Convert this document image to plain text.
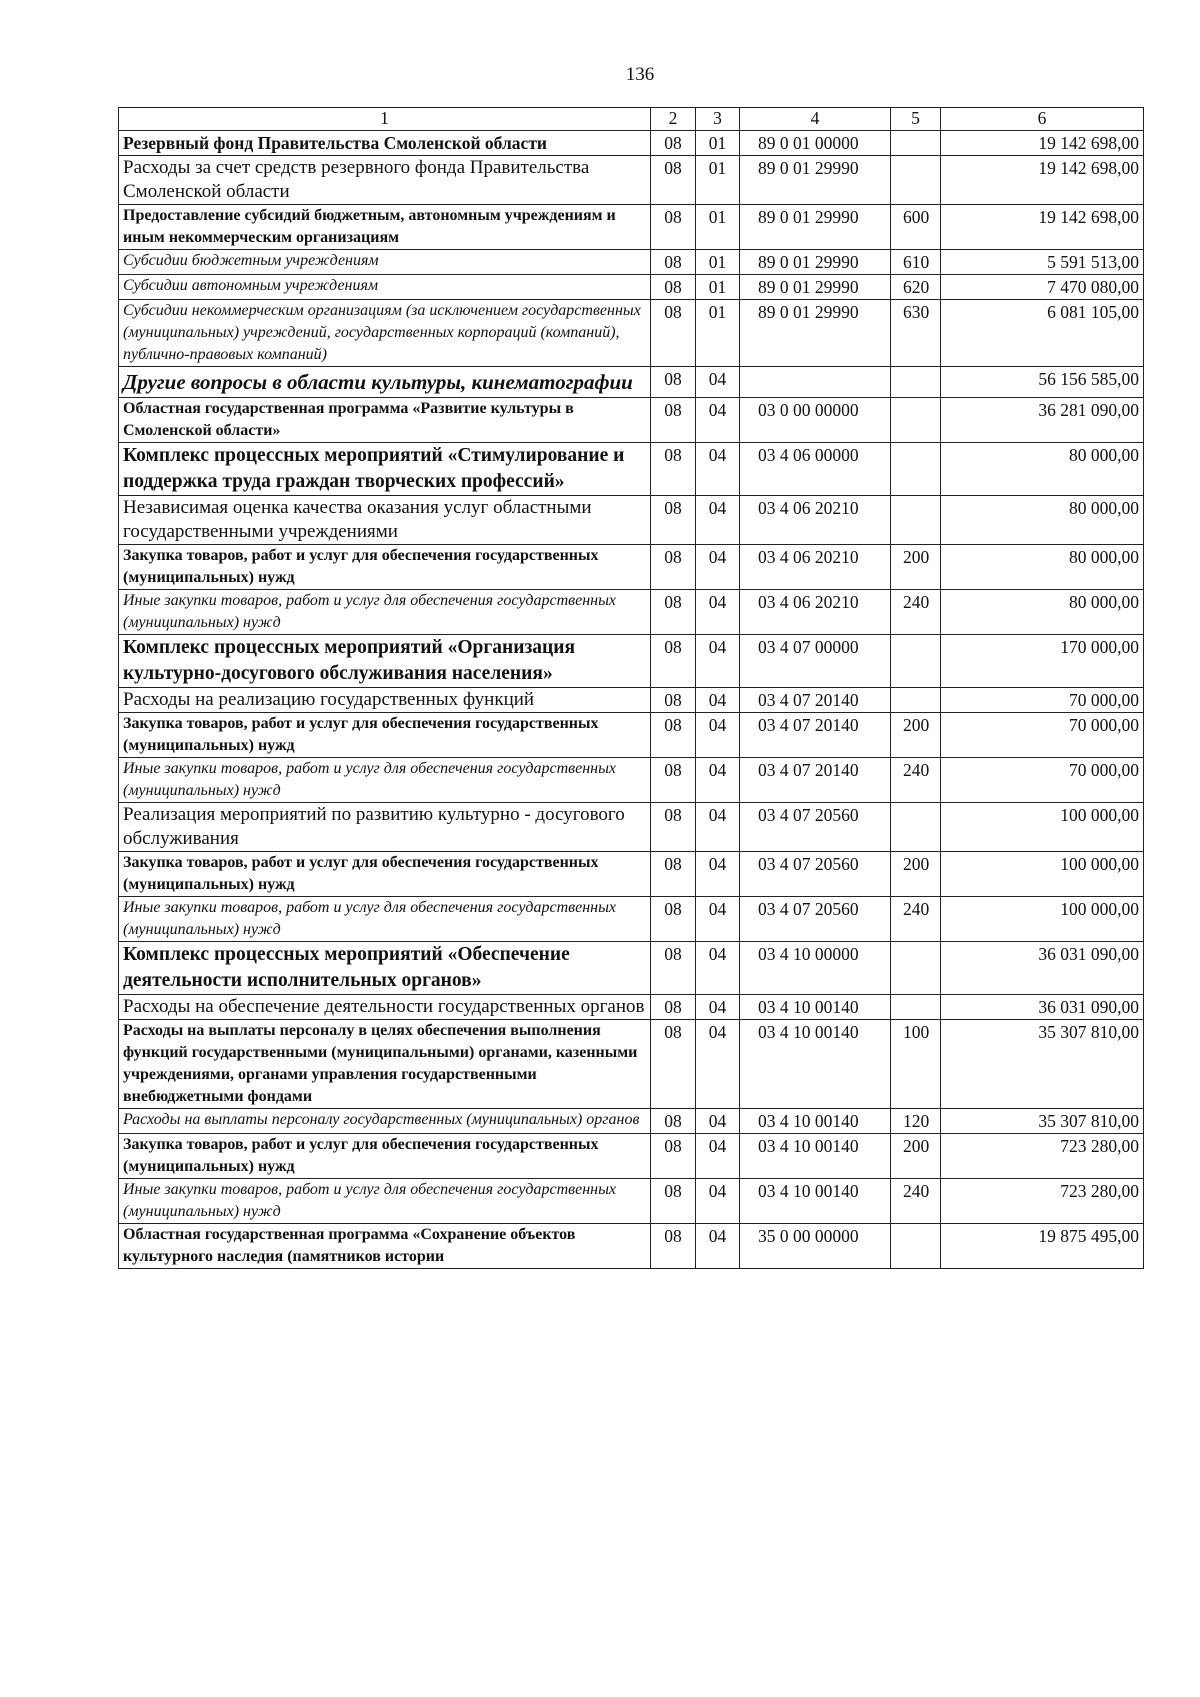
136
1	2	3	4	5	6
Резервный фонд Правительства Смоленской области	08	01	89 0 01 00000		19 142 698,00
Расходы за счет средств резервного фонда Правительства Смоленской области	08	01	89 0 01 29990		19 142 698,00
Предоставление субсидий бюджетным, автономным учреждениям и иным некоммерческим организациям	08	01	89 0 01 29990	600	19 142 698,00
Субсидии бюджетным учреждениям	08	01	89 0 01 29990	610	5 591 513,00
Субсидии автономным учреждениям	08	01	89 0 01 29990	620	7 470 080,00
Субсидии некоммерческим организациям (за исключением государственных (муниципальных) учреждений, государственных корпораций (компаний), публично-правовых компаний)	08	01	89 0 01 29990	630	6 081 105,00
Другие вопросы в области культуры, кинематографии	08	04			56 156 585,00
Областная государственная программа «Развитие культуры в Смоленской области»	08	04	03 0 00 00000		36 281 090,00
Комплекс процессных мероприятий «Стимулирование и поддержка труда граждан творческих профессий»	08	04	03 4 06 00000		80 000,00
Независимая оценка качества оказания услуг областными государственными учреждениями	08	04	03 4 06 20210		80 000,00
Закупка товаров, работ и услуг для обеспечения государственных (муниципальных) нужд	08	04	03 4 06 20210	200	80 000,00
Иные закупки товаров, работ и услуг для обеспечения государственных (муниципальных) нужд	08	04	03 4 06 20210	240	80 000,00
Комплекс процессных мероприятий «Организация культурно-досугового обслуживания населения»	08	04	03 4 07 00000		170 000,00
Расходы на реализацию государственных функций	08	04	03 4 07 20140		70 000,00
Закупка товаров, работ и услуг для обеспечения государственных (муниципальных) нужд	08	04	03 4 07 20140	200	70 000,00
Иные закупки товаров, работ и услуг для обеспечения государственных (муниципальных) нужд	08	04	03 4 07 20140	240	70 000,00
Реализация мероприятий по развитию культурно - досугового обслуживания	08	04	03 4 07 20560		100 000,00
Закупка товаров, работ и услуг для обеспечения государственных (муниципальных) нужд	08	04	03 4 07 20560	200	100 000,00
Иные закупки товаров, работ и услуг для обеспечения государственных (муниципальных) нужд	08	04	03 4 07 20560	240	100 000,00
Комплекс процессных мероприятий «Обеспечение деятельности исполнительных органов»	08	04	03 4 10 00000		36 031 090,00
Расходы на обеспечение деятельности государственных органов	08	04	03 4 10 00140		36 031 090,00
Расходы на выплаты персоналу в целях обеспечения выполнения функций государственными (муниципальными) органами, казенными учреждениями, органами управления государственными внебюджетными фондами	08	04	03 4 10 00140	100	35 307 810,00
Расходы на выплаты персоналу государственных (муниципальных) органов	08	04	03 4 10 00140	120	35 307 810,00
Закупка товаров, работ и услуг для обеспечения государственных (муниципальных) нужд	08	04	03 4 10 00140	200	723 280,00
Иные закупки товаров, работ и услуг для обеспечения государственных (муниципальных) нужд	08	04	03 4 10 00140	240	723 280,00
Областная государственная программа «Сохранение объектов культурного наследия (памятников истории	08	04	35 0 00 00000		19 875 495,00
